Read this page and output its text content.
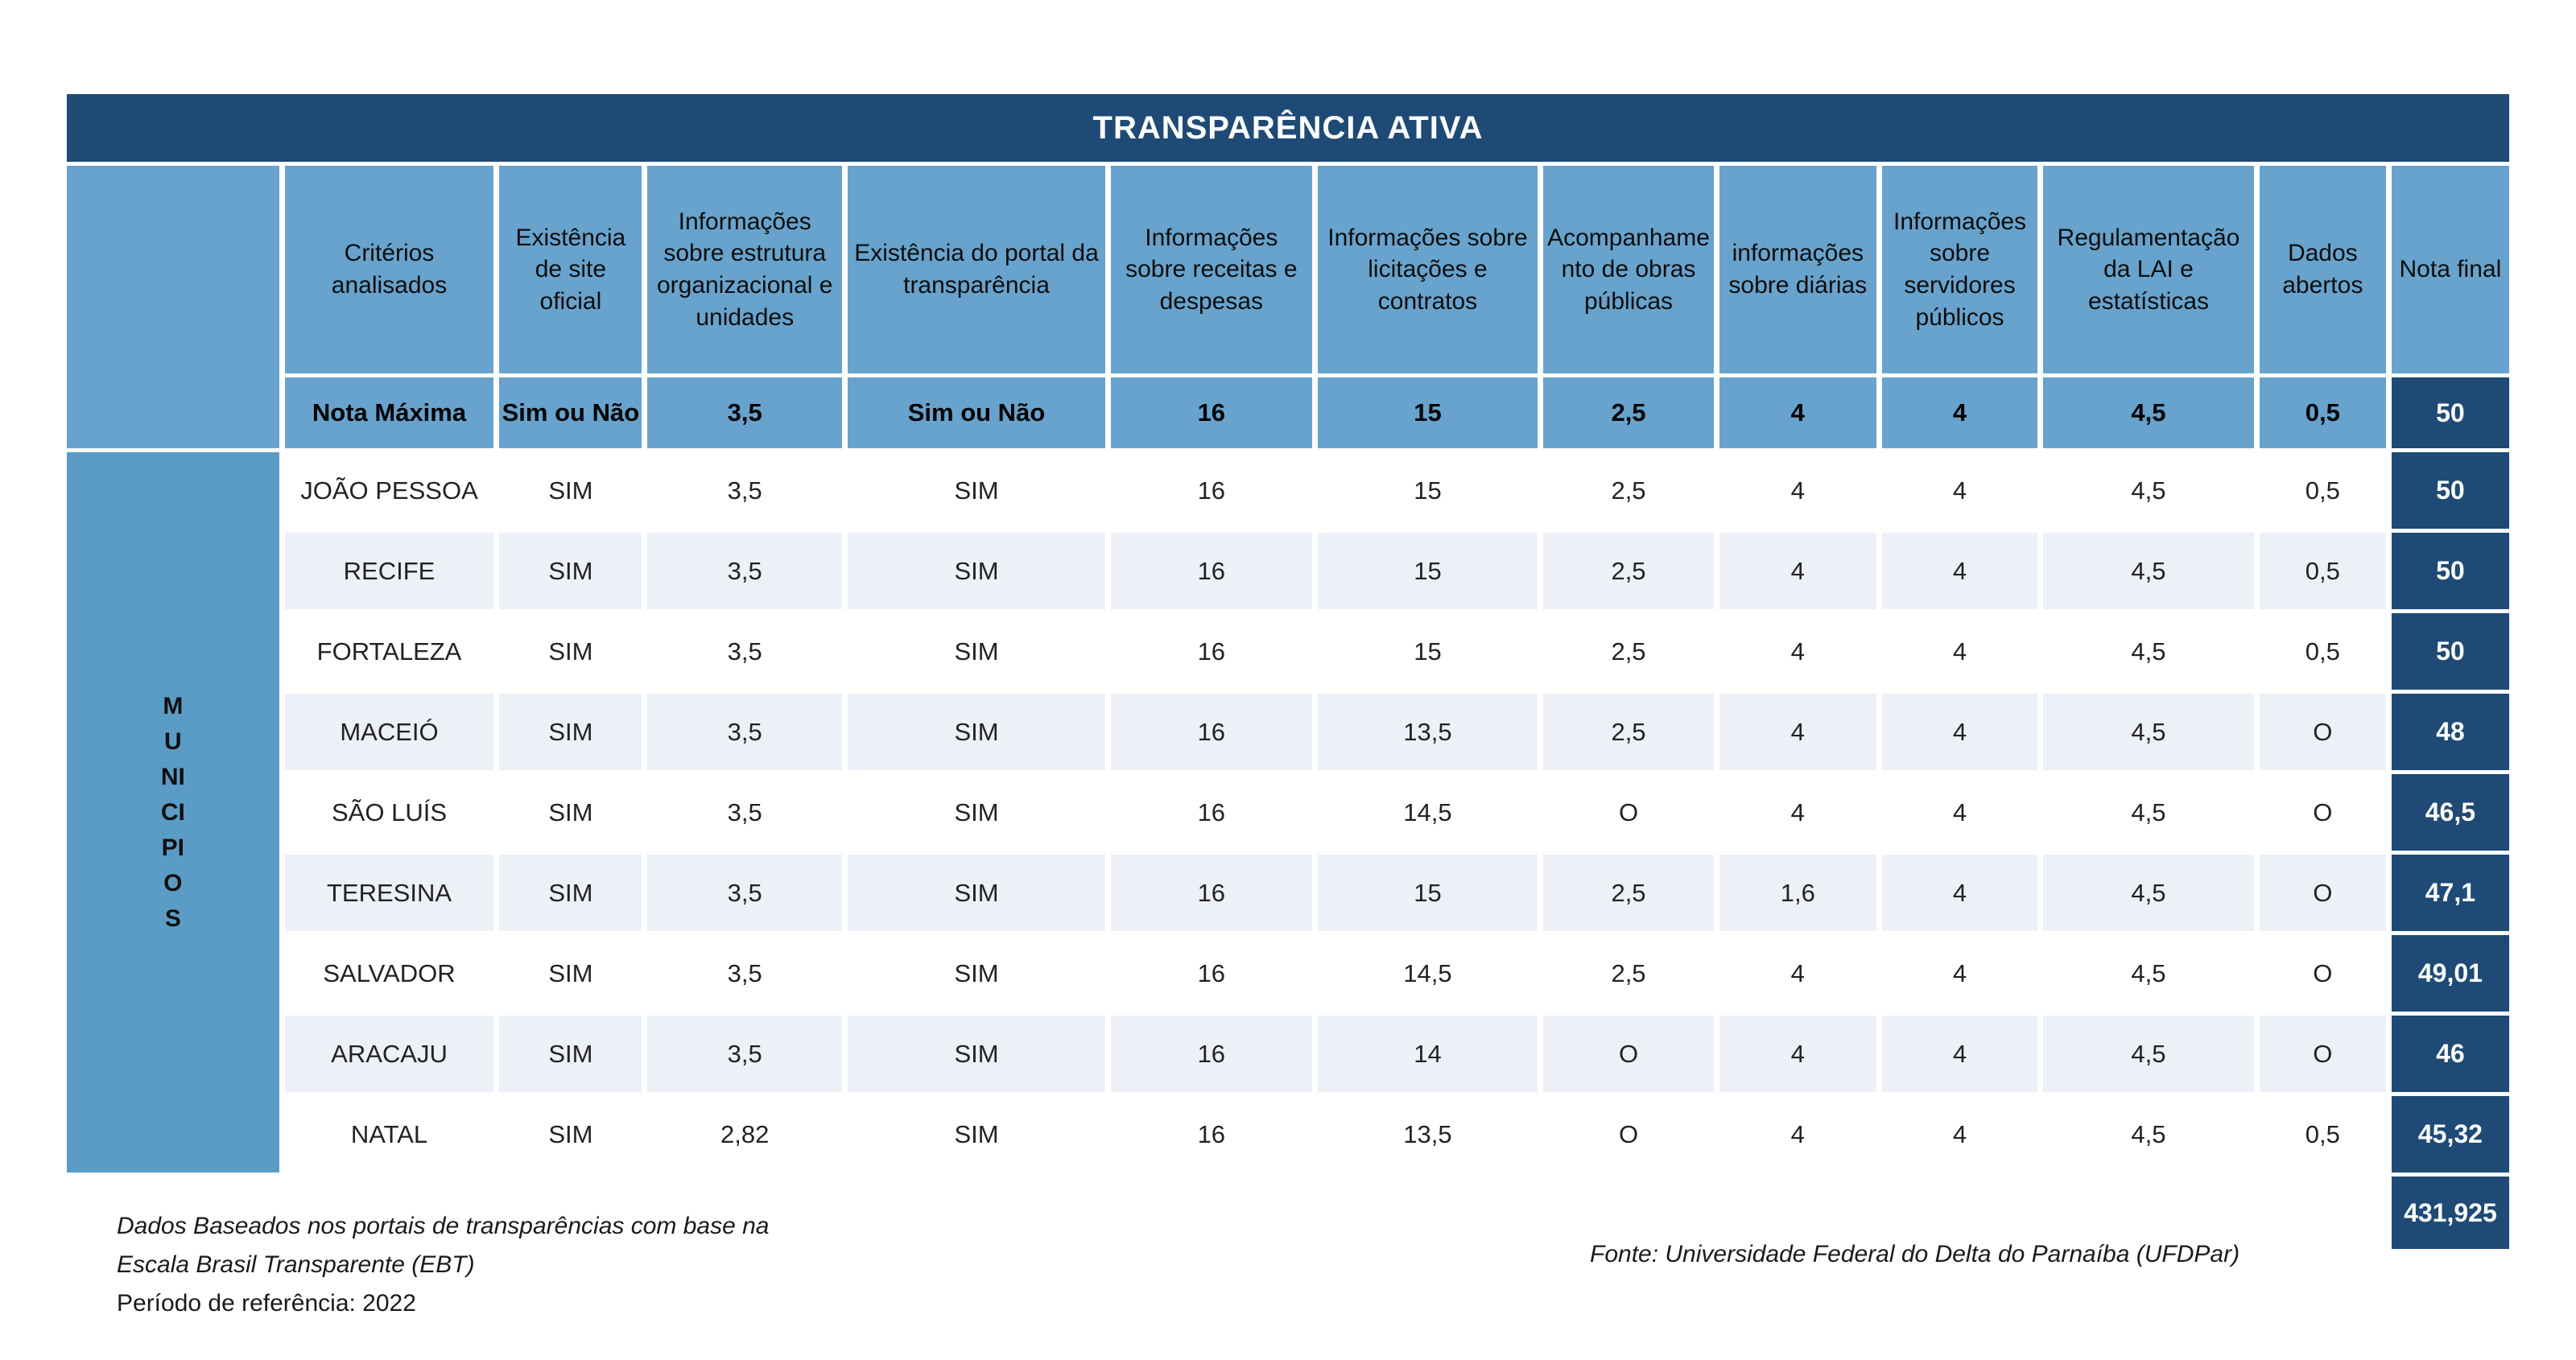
TRANSPARÊNCIA ATIVA												
	Critérios analisados	Existência de site oficial	Informações sobre estrutura organizacional e unidades	Existência do portal da transparência	Informações sobre receitas e despesas	Informações sobre licitações e contratos	Acompanhamento de obras públicas	informações sobre diárias	Informações sobre servidores públicos	Regulamentação da LAI e estatísticas	Dados abertos	Nota final
	Nota Máxima	Sim ou Não	3,5	Sim ou Não	16	15	2,5	4	4	4,5	0,5	50

MUNICIPIOS	JOÃO PESSOA	SIM	3,5	SIM	16	15	2,5	4	4	4,5	0,5	50
	RECIFE	SIM	3,5	SIM	16	15	2,5	4	4	4,5	0,5	50
	FORTALEZA	SIM	3,5	SIM	16	15	2,5	4	4	4,5	0,5	50
	MACEIÓ	SIM	3,5	SIM	16	13,5	2,5	4	4	4,5	O	48
	SÃO LUÍS	SIM	3,5	SIM	16	14,5	O	4	4	4,5	O	46,5
	TERESINA	SIM	3,5	SIM	16	15	2,5	1,6	4	4,5	O	47,1
	SALVADOR	SIM	3,5	SIM	16	14,5	2,5	4	4	4,5	O	49,01
	ARACAJU	SIM	3,5	SIM	16	14	O	4	4	4,5	O	46
	NATAL	SIM	2,82	SIM	16	13,5	O	4	4	4,5	0,5	45,32
												431,925
Dados Baseados nos portais de transparências com base na
Escala Brasil Transparente (EBT)
Período de referência: 2022
Fonte: Universidade Federal do Delta do Parnaíba (UFDPar)
